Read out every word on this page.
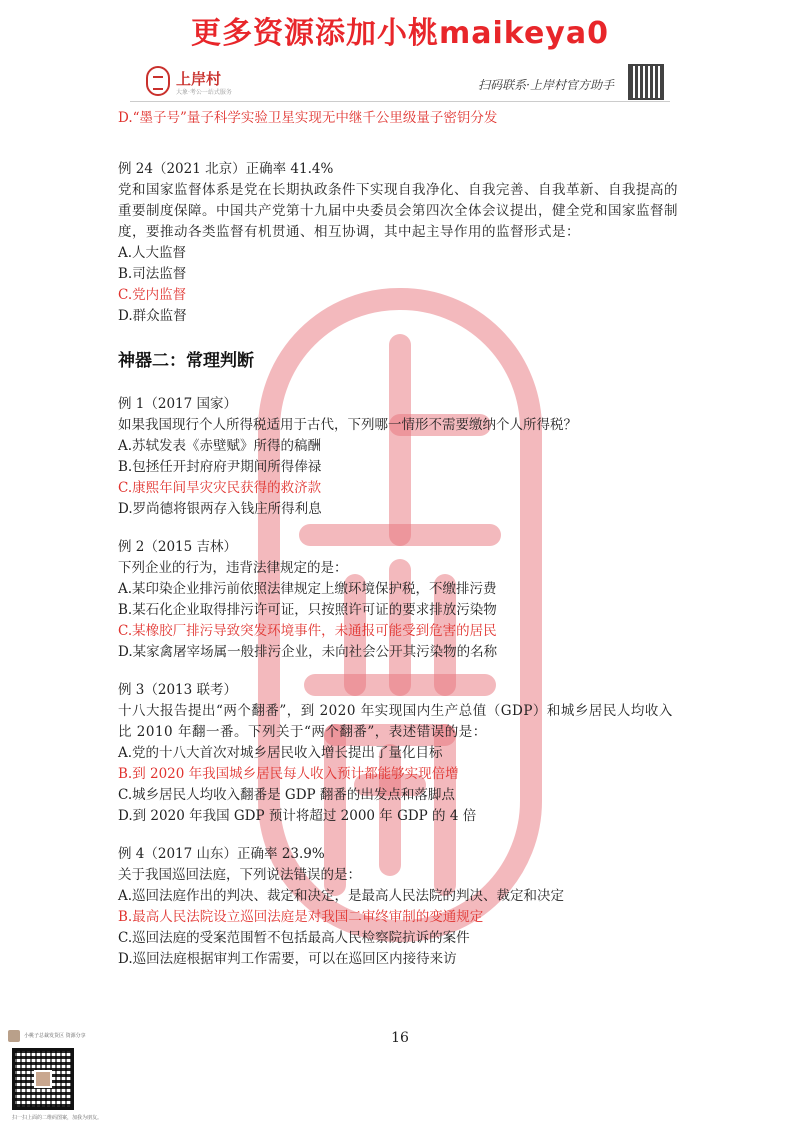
更多资源添加小桃maikeya0
上岸村
大象·考公一站式服务
扫码联系·上岸村官方助手
D.“墨子号”量子科学实验卫星实现无中继千公里级量子密钥分发
例 24（2021 北京）正确率 41.4%
党和国家监督体系是党在长期执政条件下实现自我净化、自我完善、自我革新、自我提高的
重要制度保障。中国共产党第十九届中央委员会第四次全体会议提出，健全党和国家监督制
度，要推动各类监督有机贯通、相互协调，其中起主导作用的监督形式是：
A.人大监督
B.司法监督
C.党内监督
D.群众监督
神器二：常理判断
例 1（2017 国家）
如果我国现行个人所得税适用于古代，下列哪一情形不需要缴纳个人所得税？
A.苏轼发表《赤壁赋》所得的稿酬
B.包拯任开封府府尹期间所得俸禄
C.康熙年间旱灾灾民获得的救济款
D.罗尚德将银两存入钱庄所得利息
例 2（2015 吉林）
下列企业的行为，违背法律规定的是：
A.某印染企业排污前依照法律规定上缴环境保护税，不缴排污费
B.某石化企业取得排污许可证，只按照许可证的要求排放污染物
C.某橡胶厂排污导致突发环境事件，未通报可能受到危害的居民
D.某家禽屠宰场属一般排污企业，未向社会公开其污染物的名称
例 3（2013 联考）
十八大报告提出“两个翻番”，到 2020 年实现国内生产总值（GDP）和城乡居民人均收入
比 2010 年翻一番。下列关于“两个翻番”，表述错误的是：
A.党的十八大首次对城乡居民收入增长提出了量化目标
B.到 2020 年我国城乡居民每人收入预计都能够实现倍增
C.城乡居民人均收入翻番是 GDP 翻番的出发点和落脚点
D.到 2020 年我国 GDP 预计将超过 2000 年 GDP 的 4 倍
例 4（2017 山东）正确率 23.9%
关于我国巡回法庭，下列说法错误的是：
A.巡回法庭作出的判决、裁定和决定，是最高人民法院的判决、裁定和决定
B.最高人民法院设立巡回法庭是对我国二审终审制的变通规定
C.巡回法庭的受案范围暂不包括最高人民检察院抗诉的案件
D.巡回法庭根据审判工作需要，可以在巡回区内接待来访
16
小桃子总裁发货区 资源分享
扫一扫上面的二维码图案，加我为朋友。
